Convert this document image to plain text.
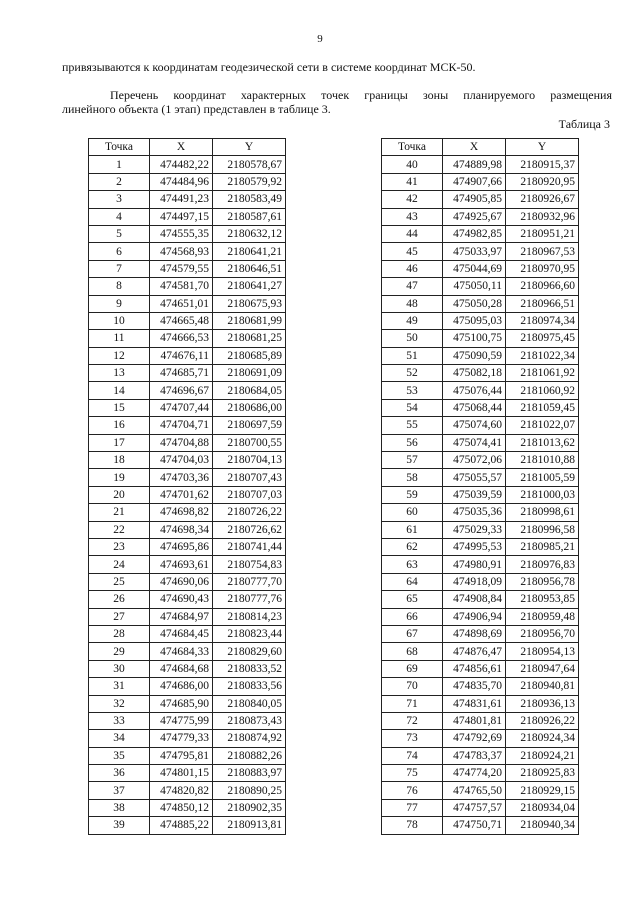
9
привязываются к координатам геодезической сети в системе координат МСК-50.
Перечень координат характерных точек границы зоны планируемого размещения
линейного объекта (1 этап) представлен в таблице 3.
Таблица 3
Точка	X	Y
1	474482,22	2180578,67
2	474484,96	2180579,92
3	474491,23	2180583,49
4	474497,15	2180587,61
5	474555,35	2180632,12
6	474568,93	2180641,21
7	474579,55	2180646,51
8	474581,70	2180641,27
9	474651,01	2180675,93
10	474665,48	2180681,99
11	474666,53	2180681,25
12	474676,11	2180685,89
13	474685,71	2180691,09
14	474696,67	2180684,05
15	474707,44	2180686,00
16	474704,71	2180697,59
17	474704,88	2180700,55
18	474704,03	2180704,13
19	474703,36	2180707,43
20	474701,62	2180707,03
21	474698,82	2180726,22
22	474698,34	2180726,62
23	474695,86	2180741,44
24	474693,61	2180754,83
25	474690,06	2180777,70
26	474690,43	2180777,76
27	474684,97	2180814,23
28	474684,45	2180823,44
29	474684,33	2180829,60
30	474684,68	2180833,52
31	474686,00	2180833,56
32	474685,90	2180840,05
33	474775,99	2180873,43
34	474779,33	2180874,92
35	474795,81	2180882,26
36	474801,15	2180883,97
37	474820,82	2180890,25
38	474850,12	2180902,35
39	474885,22	2180913,81
Точка	X	Y
40	474889,98	2180915,37
41	474907,66	2180920,95
42	474905,85	2180926,67
43	474925,67	2180932,96
44	474982,85	2180951,21
45	475033,97	2180967,53
46	475044,69	2180970,95
47	475050,11	2180966,60
48	475050,28	2180966,51
49	475095,03	2180974,34
50	475100,75	2180975,45
51	475090,59	2181022,34
52	475082,18	2181061,92
53	475076,44	2181060,92
54	475068,44	2181059,45
55	475074,60	2181022,07
56	475074,41	2181013,62
57	475072,06	2181010,88
58	475055,57	2181005,59
59	475039,59	2181000,03
60	475035,36	2180998,61
61	475029,33	2180996,58
62	474995,53	2180985,21
63	474980,91	2180976,83
64	474918,09	2180956,78
65	474908,84	2180953,85
66	474906,94	2180959,48
67	474898,69	2180956,70
68	474876,47	2180954,13
69	474856,61	2180947,64
70	474835,70	2180940,81
71	474831,61	2180936,13
72	474801,81	2180926,22
73	474792,69	2180924,34
74	474783,37	2180924,21
75	474774,20	2180925,83
76	474765,50	2180929,15
77	474757,57	2180934,04
78	474750,71	2180940,34
